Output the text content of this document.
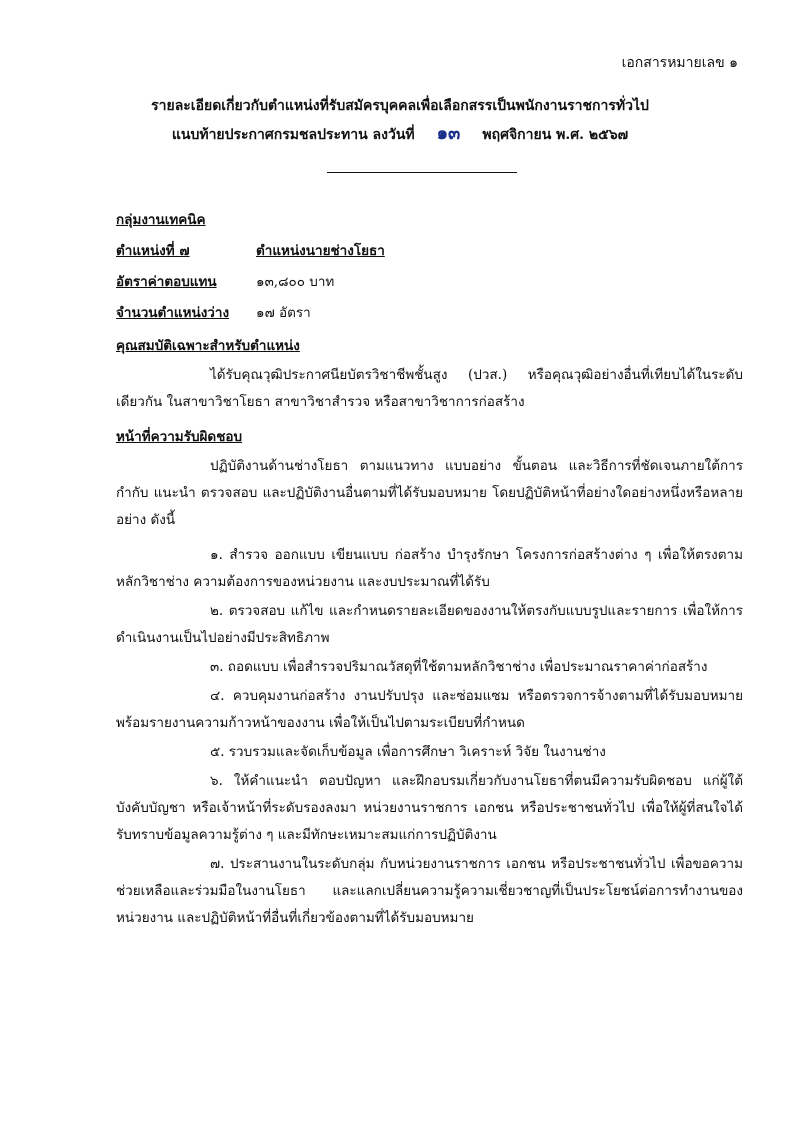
เอกสารหมายเลข ๑
รายละเอียดเกี่ยวกับตำแหน่งที่รับสมัครบุคคลเพื่อเลือกสรรเป็นพนักงานราชการทั่วไป
แนบท้ายประกาศกรมชลประทาน ลงวันที่ ๑๓ พฤศจิกายน พ.ศ. ๒๕๖๗
กลุ่มงานเทคนิค
ตำแหน่งที่ ๗	ตำแหน่งนายช่างโยธา
อัตราค่าตอบแทน	๑๓,๘๐๐ บาท
จำนวนตำแหน่งว่าง	๑๗ อัตรา
คุณสมบัติเฉพาะสำหรับตำแหน่ง

ได้รับคุณวุฒิประกาศนียบัตรวิชาชีพชั้นสูง (ปวส.) หรือคุณวุฒิอย่างอื่นที่เทียบได้ในระดับเดียวกัน ในสาขาวิชาโยธา สาขาวิชาสำรวจ หรือสาขาวิชาการก่อสร้าง

หน้าที่ความรับผิดชอบ

ปฏิบัติงานด้านช่างโยธา ตามแนวทาง แบบอย่าง ขั้นตอน และวิธีการที่ชัดเจนภายใต้การกำกับ แนะนำ ตรวจสอบ และปฏิบัติงานอื่นตามที่ได้รับมอบหมาย โดยปฏิบัติหน้าที่อย่างใดอย่างหนึ่งหรือหลายอย่าง ดังนี้

๑. สำรวจ ออกแบบ เขียนแบบ ก่อสร้าง บำรุงรักษา โครงการก่อสร้างต่าง ๆ เพื่อให้ตรงตามหลักวิชาช่าง ความต้องการของหน่วยงาน และงบประมาณที่ได้รับ

๒. ตรวจสอบ แก้ไข และกำหนดรายละเอียดของงานให้ตรงกับแบบรูปและรายการ เพื่อให้การดำเนินงานเป็นไปอย่างมีประสิทธิภาพ

๓. ถอดแบบ เพื่อสำรวจปริมาณวัสดุที่ใช้ตามหลักวิชาช่าง เพื่อประมาณราคาค่าก่อสร้าง

๔. ควบคุมงานก่อสร้าง งานปรับปรุง และซ่อมแซม หรือตรวจการจ้างตามที่ได้รับมอบหมาย พร้อมรายงานความก้าวหน้าของงาน เพื่อให้เป็นไปตามระเบียบที่กำหนด

๕. รวบรวมและจัดเก็บข้อมูล เพื่อการศึกษา วิเคราะห์ วิจัย ในงานช่าง

๖. ให้คำแนะนำ ตอบปัญหา และฝึกอบรมเกี่ยวกับงานโยธาที่ตนมีความรับผิดชอบ แก่ผู้ใต้บังคับบัญชา หรือเจ้าหน้าที่ระดับรองลงมา หน่วยงานราชการ เอกชน หรือประชาชนทั่วไป เพื่อให้ผู้ที่สนใจได้รับทราบข้อมูลความรู้ต่าง ๆ และมีทักษะเหมาะสมแก่การปฏิบัติงาน

๗. ประสานงานในระดับกลุ่ม กับหน่วยงานราชการ เอกชน หรือประชาชนทั่วไป เพื่อขอความช่วยเหลือและร่วมมือในงานโยธา และแลกเปลี่ยนความรู้ความเชี่ยวชาญที่เป็นประโยชน์ต่อการทำงานของหน่วยงาน และปฏิบัติหน้าที่อื่นที่เกี่ยวข้องตามที่ได้รับมอบหมาย
